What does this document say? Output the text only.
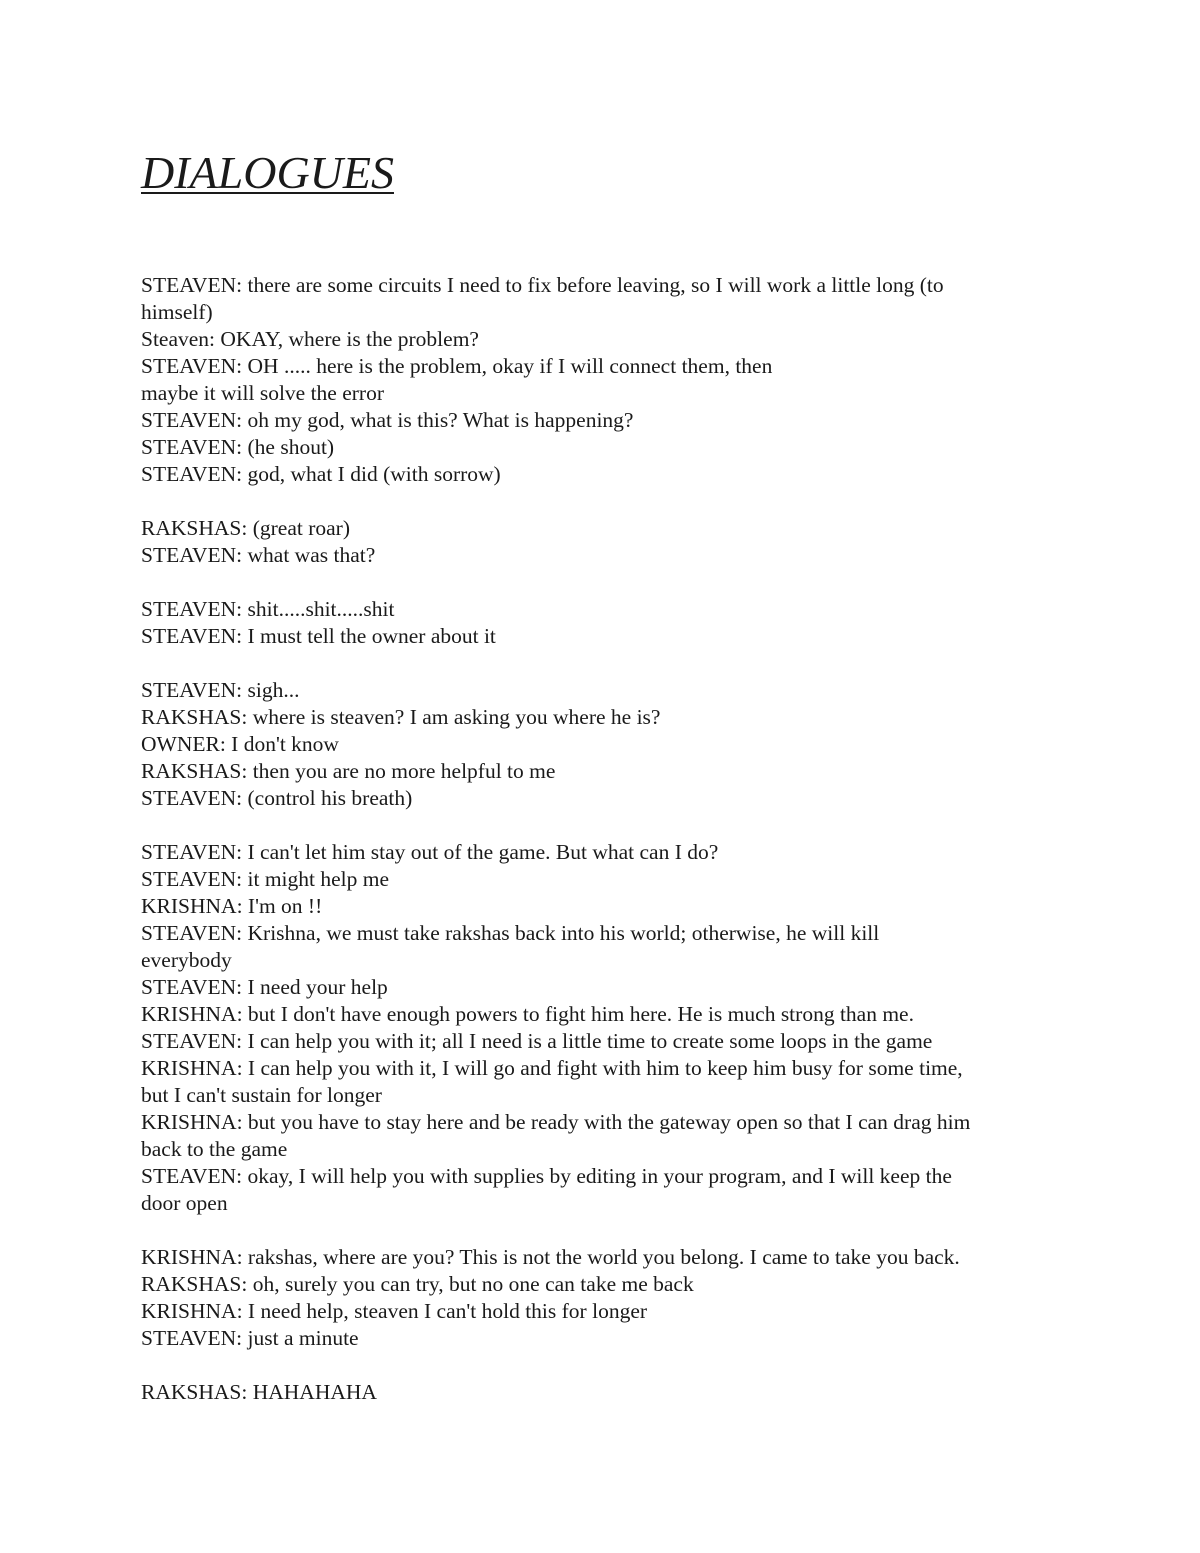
DIALOGUES

STEAVEN: there are some circuits I need to fix before leaving, so I will work a little long (to

himself)

Steaven: OKAY, where is the problem?

STEAVEN: OH ..... here is the problem, okay if I will connect them, then

maybe it will solve the error

STEAVEN: oh my god, what is this? What is happening?

STEAVEN: (he shout)

STEAVEN: god, what I did (with sorrow)

RAKSHAS: (great roar)

STEAVEN: what was that?

STEAVEN: shit.....shit.....shit

STEAVEN: I must tell the owner about it

STEAVEN: sigh...

RAKSHAS: where is steaven? I am asking you where he is?

OWNER: I don't know

RAKSHAS: then you are no more helpful to me

STEAVEN: (control his breath)

STEAVEN: I can't let him stay out of the game. But what can I do?

STEAVEN: it might help me

KRISHNA: I'm on !!

STEAVEN: Krishna, we must take rakshas back into his world; otherwise, he will kill

everybody

STEAVEN: I need your help

KRISHNA: but I don't have enough powers to fight him here. He is much strong than me.

STEAVEN: I can help you with it; all I need is a little time to create some loops in the game

KRISHNA: I can help you with it, I will go and fight with him to keep him busy for some time,

but I can't sustain for longer

KRISHNA: but you have to stay here and be ready with the gateway open so that I can drag him

back to the game

STEAVEN: okay, I will help you with supplies by editing in your program, and I will keep the

door open

KRISHNA: rakshas, where are you? This is not the world you belong. I came to take you back.

RAKSHAS: oh, surely you can try, but no one can take me back

KRISHNA: I need help, steaven I can't hold this for longer

STEAVEN: just a minute

RAKSHAS: HAHAHAHA
